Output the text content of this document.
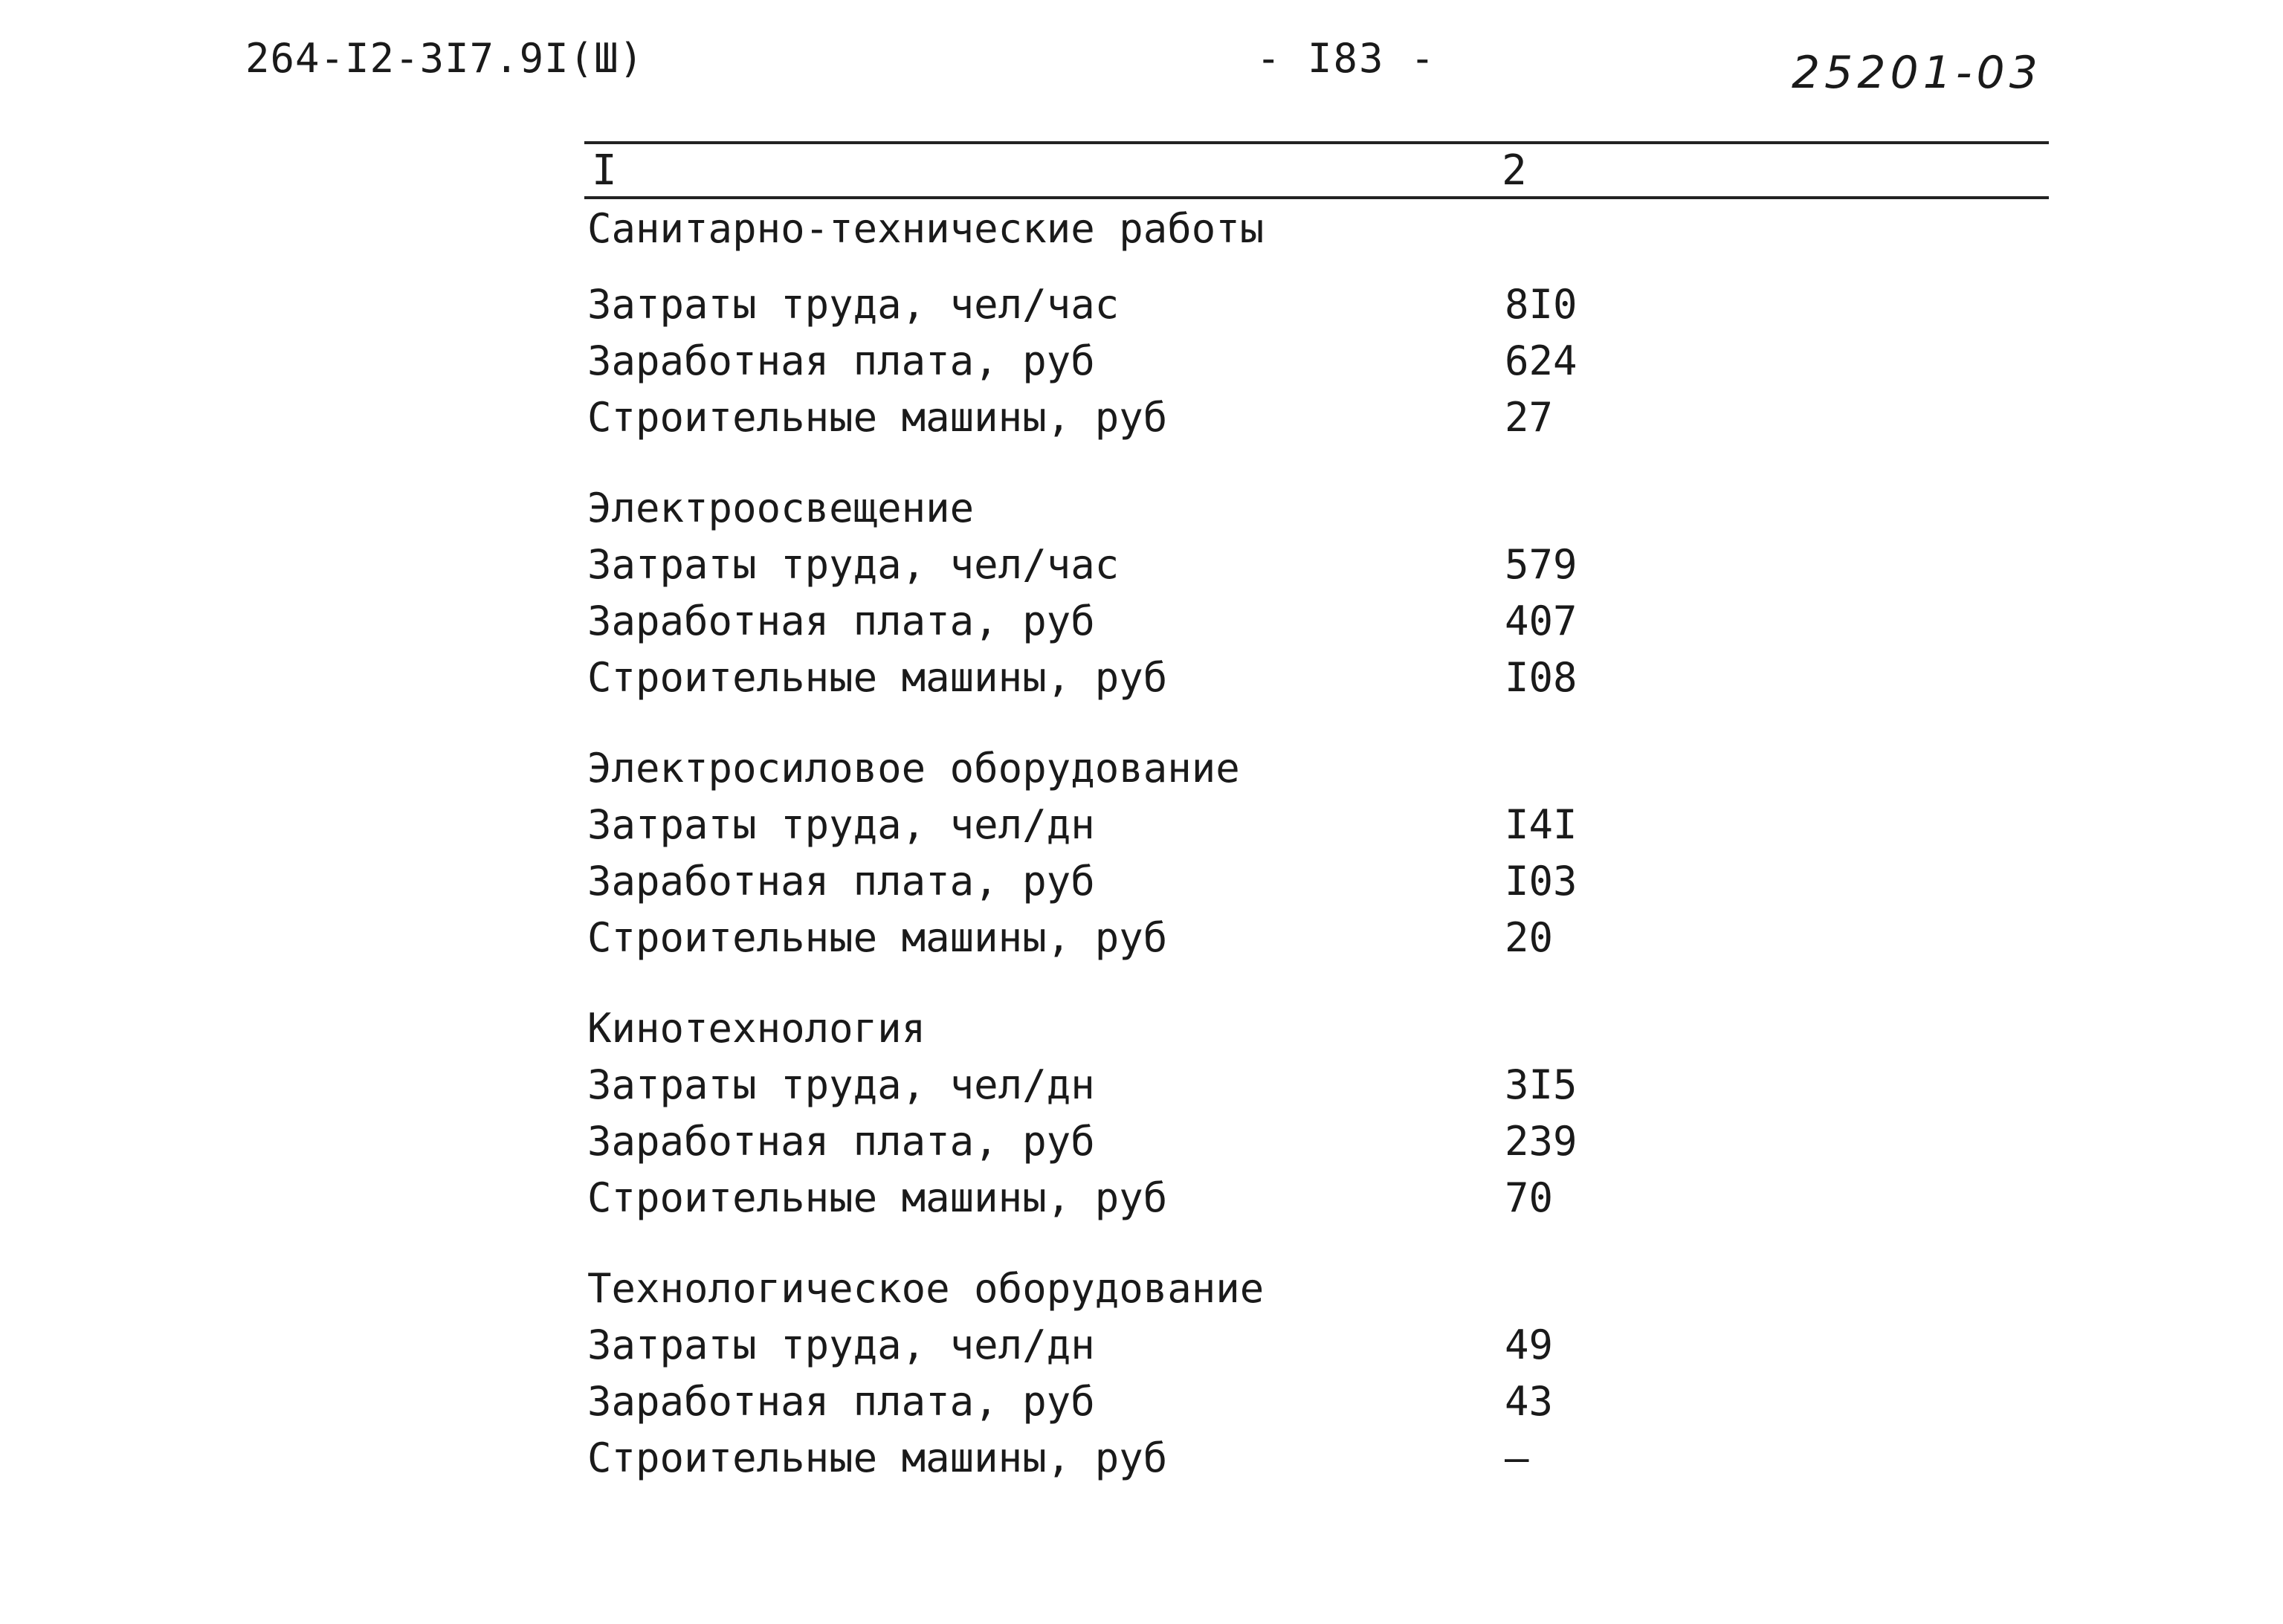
264-I2-3I7.9I(Ш)	- I83 -	25201-03
I	2
Санитарно-технические работы
Затраты труда, чел/час	8I0
Заработная плата, руб	624
Строительные машины, руб	27
Электроосвещение
Затраты труда, чел/час	579
Заработная плата, руб	407
Строительные машины, руб	I08
Электросиловое оборудование
Затраты труда, чел/дн	I4I
Заработная плата, руб	I03
Строительные машины, руб	20
Кинотехнология
Затраты труда, чел/дн	3I5
Заработная плата, руб	239
Строительные машины, руб	70
Технологическое оборудование
Затраты труда, чел/дн	49
Заработная плата, руб	43
Строительные машины, руб	–
